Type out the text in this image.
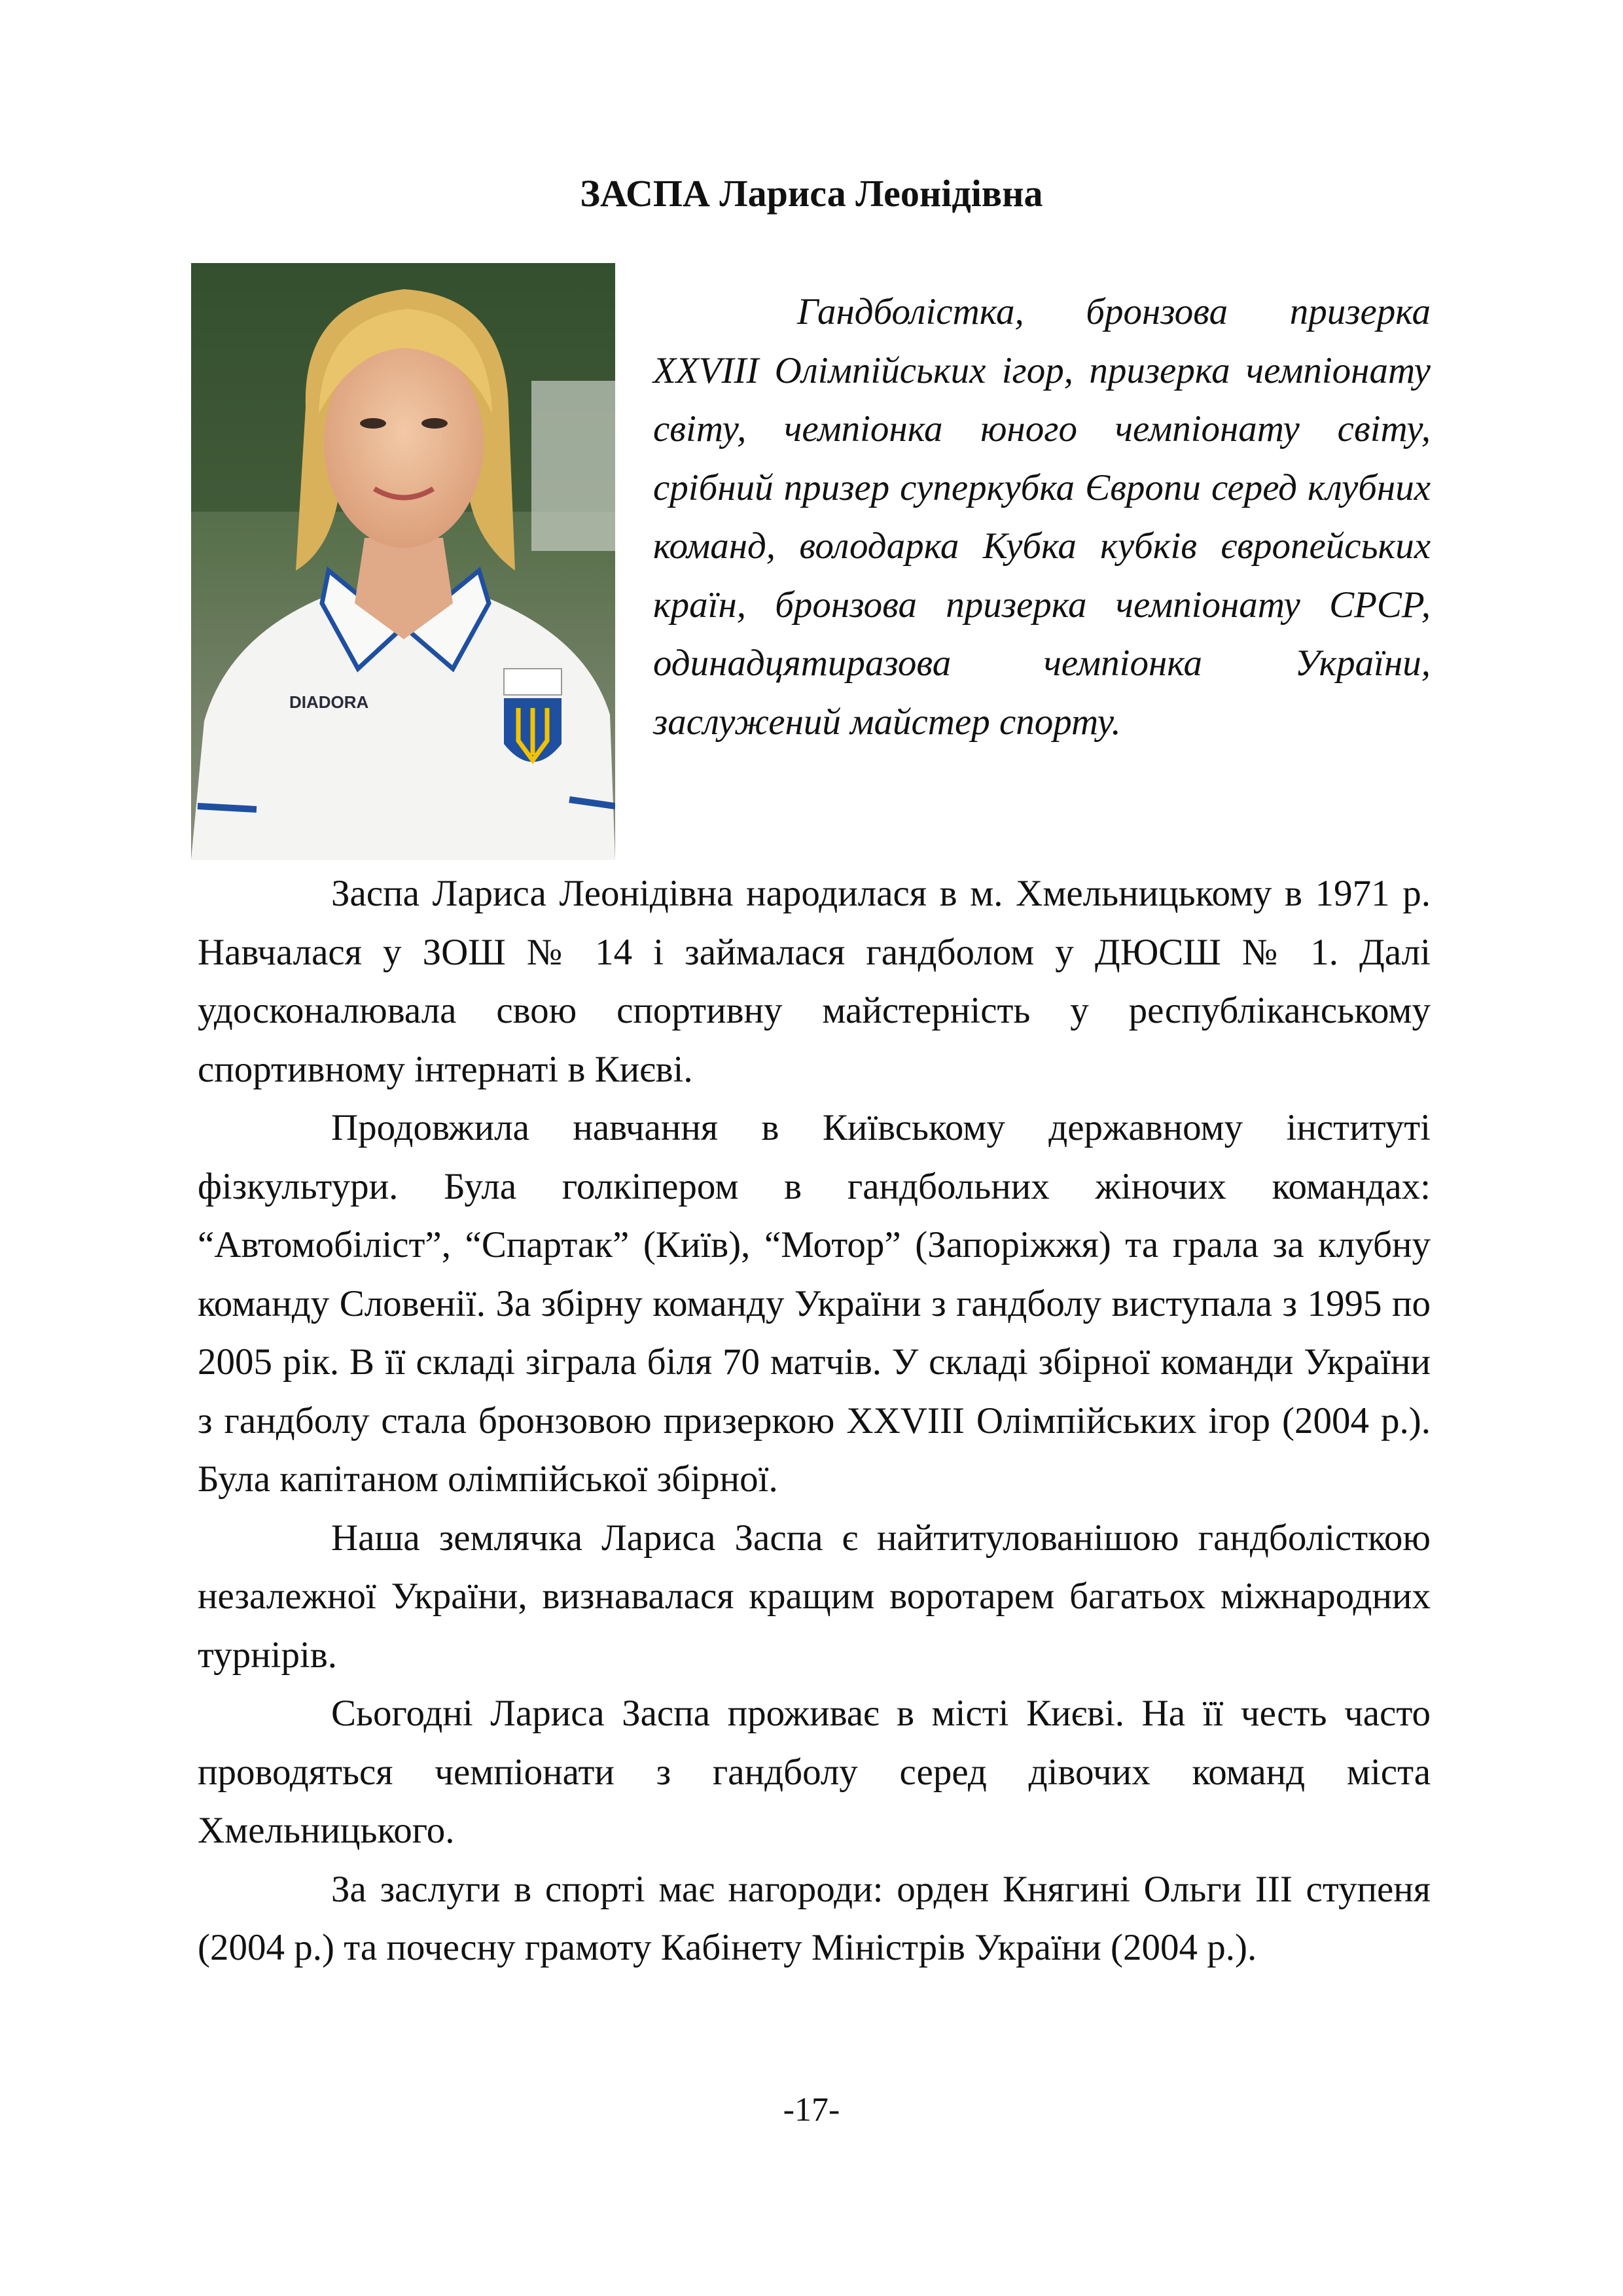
ЗАСПА Лариса Леонідівна
DIADORA

Гандболістка, бронзова призерка XXVIII Олімпійських ігор, призерка чемпіонату світу, чемпіонка юного чемпіонату світу, срібний призер суперкубка Європи серед клубних команд, володарка Кубка кубків європейських країн, бронзова призерка чемпіонату СРСР, одинадцятиразова чемпіонка України, заслужений майстер спорту.

Заспа Лариса Леонідівна народилася в м. Хмельницькому в 1971 р. Навчалася у ЗОШ № 14 і займалася гандболом у ДЮСШ № 1. Далі удосконалювала свою спортивну майстерність у республіканському спортивному інтернаті в Києві.

Продовжила навчання в Київському державному інституті фізкультури. Була голкіпером в гандбольних жіночих командах: “Автомобіліст”, “Спартак” (Київ), “Мотор” (Запоріжжя) та грала за клубну команду Словенії. За збірну команду України з гандболу виступала з 1995 по 2005 рік. В її складі зіграла біля 70 матчів. У складі збірної команди України з гандболу стала бронзовою призеркою XXVIII Олімпійських ігор (2004 р.). Була капітаном олімпійської збірної.

Наша землячка Лариса Заспа є найтитулованішою гандболісткою незалежної України, визнавалася кращим воротарем багатьох міжнародних турнірів.

Сьогодні Лариса Заспа проживає в місті Києві. На її честь часто проводяться чемпіонати з гандболу серед дівочих команд міста Хмельницького.

За заслуги в спорті має нагороди: орден Княгині Ольги ІІІ ступеня (2004 р.) та почесну грамоту Кабінету Міністрів України (2004 р.).

-17-
